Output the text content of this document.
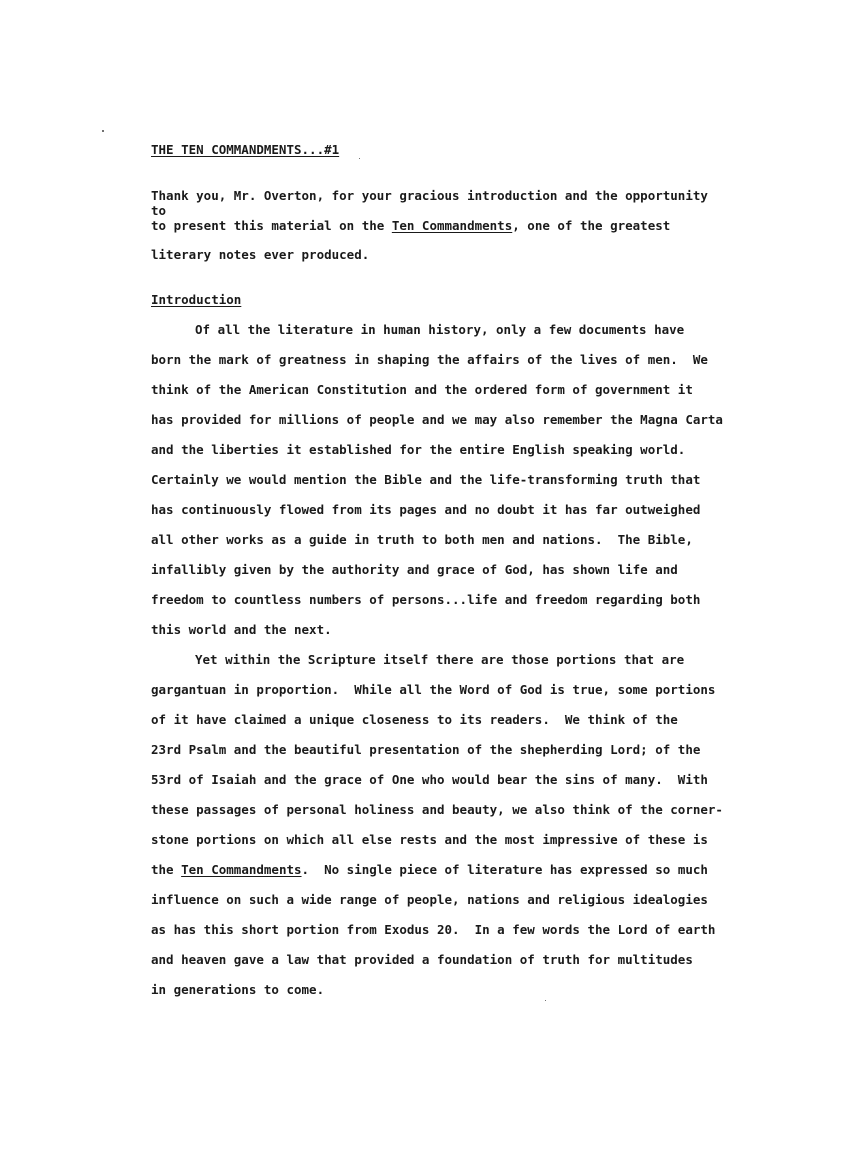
THE TEN COMMANDMENTS...#1
Thank you, Mr. Overton, for your gracious introduction and the opportunity
to
to present this material on the Ten Commandments, one of the greatest
literary notes ever produced.
Introduction
Of all the literature in human history, only a few documents have
born the mark of greatness in shaping the affairs of the lives of men.  We
think of the American Constitution and the ordered form of government it
has provided for millions of people and we may also remember the Magna Carta
and the liberties it established for the entire English speaking world.
Certainly we would mention the Bible and the life-transforming truth that
has continuously flowed from its pages and no doubt it has far outweighed
all other works as a guide in truth to both men and nations.  The Bible,
infallibly given by the authority and grace of God, has shown life and
freedom to countless numbers of persons...life and freedom regarding both
this world and the next.
Yet within the Scripture itself there are those portions that are
gargantuan in proportion.  While all the Word of God is true, some portions
of it have claimed a unique closeness to its readers.  We think of the
23rd Psalm and the beautiful presentation of the shepherding Lord; of the
53rd of Isaiah and the grace of One who would bear the sins of many.  With
these passages of personal holiness and beauty, we also think of the corner-
stone portions on which all else rests and the most impressive of these is
the Ten Commandments.  No single piece of literature has expressed so much
influence on such a wide range of people, nations and religious idealogies
as has this short portion from Exodus 20.  In a few words the Lord of earth
and heaven gave a law that provided a foundation of truth for multitudes
in generations to come.
